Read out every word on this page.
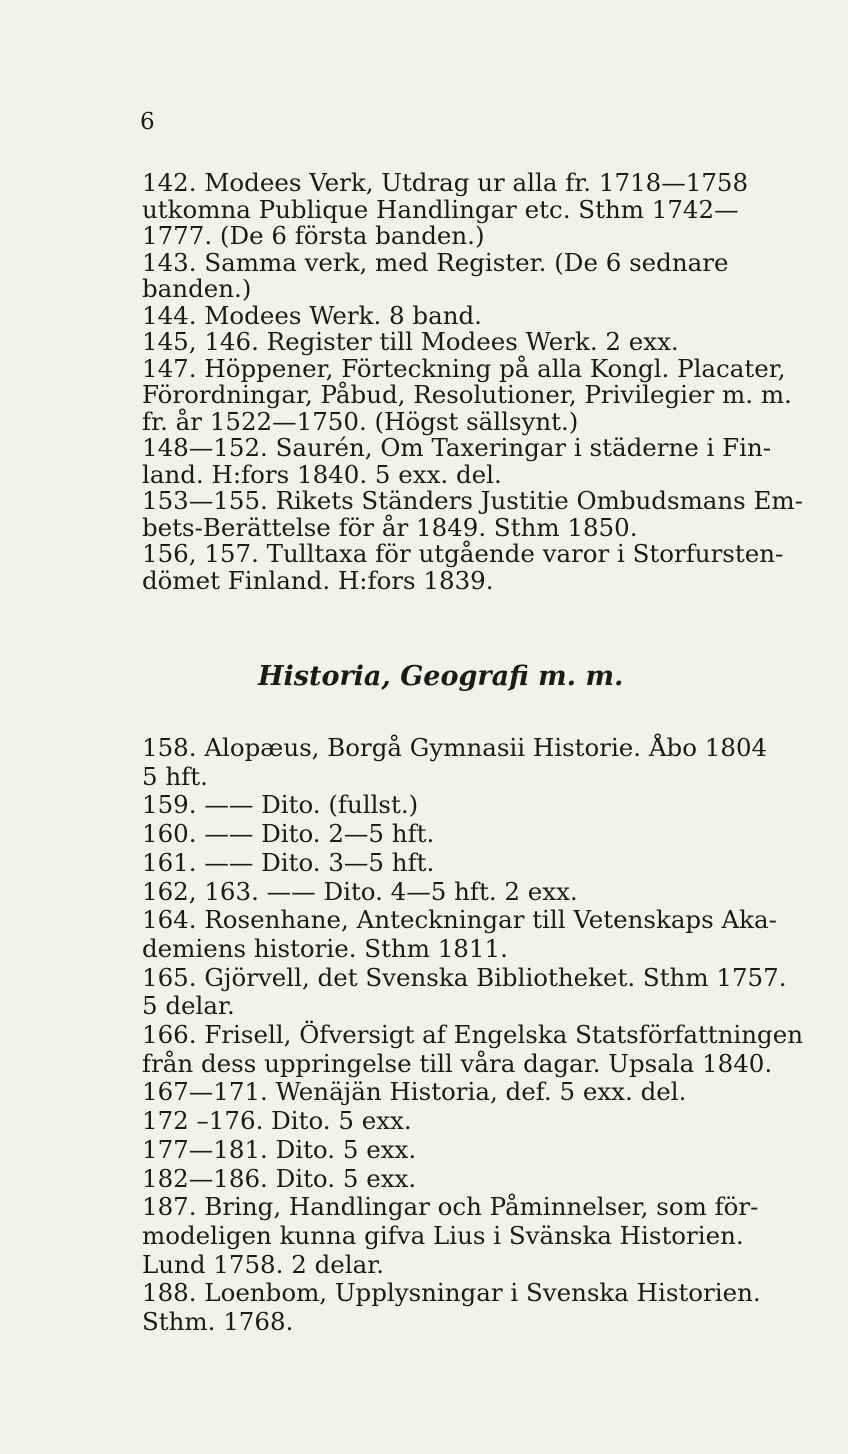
6
142. Modees Verk, Utdrag ur alla fr. 1718—1758
utkomna Publique Handlingar etc. Sthm 1742—
1777. (De 6 första banden.)
143. Samma verk, med Register. (De 6 sednare
banden.)
144. Modees Werk. 8 band.
145, 146. Register till Modees Werk. 2 exx.
147. Höppener, Förteckning på alla Kongl. Placater,
Förordningar, Påbud, Resolutioner, Privilegier m. m.
fr. år 1522—1750. (Högst sällsynt.)
148—152. Saurén, Om Taxeringar i städerne i Fin-
land. H:fors 1840. 5 exx. del.
153—155. Rikets Ständers Justitie Ombudsmans Em-
bets-Berättelse för år 1849. Sthm 1850.
156, 157. Tulltaxa för utgående varor i Storfursten-
dömet Finland. H:fors 1839.
Historia, Geografi m. m.
158. Alopæus, Borgå Gymnasii Historie. Åbo 1804
5 hft.
159. —— Dito. (fullst.)
160. —— Dito. 2—5 hft.
161. —— Dito. 3—5 hft.
162, 163. —— Dito. 4—5 hft. 2 exx.
164. Rosenhane, Anteckningar till Vetenskaps Aka-
demiens historie. Sthm 1811.
165. Gjörvell, det Svenska Bibliotheket. Sthm 1757.
5 delar.
166. Frisell, Öfversigt af Engelska Statsförfattningen
från dess uppringelse till våra dagar. Upsala 1840.
167—171. Wenäjän Historia, def. 5 exx. del.
172 –176. Dito. 5 exx.
177—181. Dito. 5 exx.
182—186. Dito. 5 exx.
187. Bring, Handlingar och Påminnelser, som för-
modeligen kunna gifva Lius i Svänska Historien.
Lund 1758. 2 delar.
188. Loenbom, Upplysningar i Svenska Historien.
Sthm. 1768.
